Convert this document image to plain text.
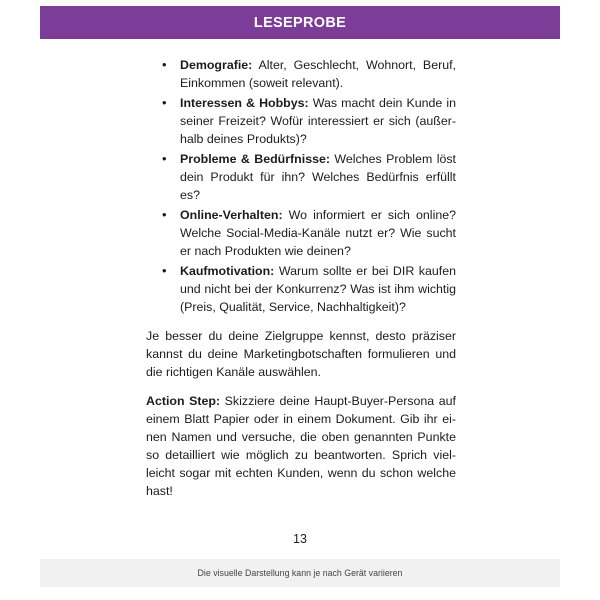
LESEPROBE
• Demografie: Alter, Geschlecht, Wohnort, Beruf, Einkommen (soweit relevant).
• Interessen & Hobbys: Was macht dein Kunde in seiner Freizeit? Wofür interessiert er sich (außerhalb deines Produkts)?
• Probleme & Bedürfnisse: Welches Problem löst dein Produkt für ihn? Welches Bedürfnis erfüllt es?
• Online-Verhalten: Wo informiert er sich online? Welche Social-Media-Kanäle nutzt er? Wie sucht er nach Produkten wie deinen?
• Kaufmotivation: Warum sollte er bei DIR kaufen und nicht bei der Konkurrenz? Was ist ihm wichtig (Preis, Qualität, Service, Nachhaltigkeit)?

Je besser du deine Zielgruppe kennst, desto präziser kannst du deine Marketingbotschaften formulieren und die richtigen Kanäle auswählen.

Action Step: Skizziere deine Haupt-Buyer-Persona auf einem Blatt Papier oder in einem Dokument. Gib ihr einen Namen und versuche, die oben genannten Punkte so detailliert wie möglich zu beantworten. Sprich vielleicht sogar mit echten Kunden, wenn du schon welche hast!

13
Die visuelle Darstellung kann je nach Gerät variieren
